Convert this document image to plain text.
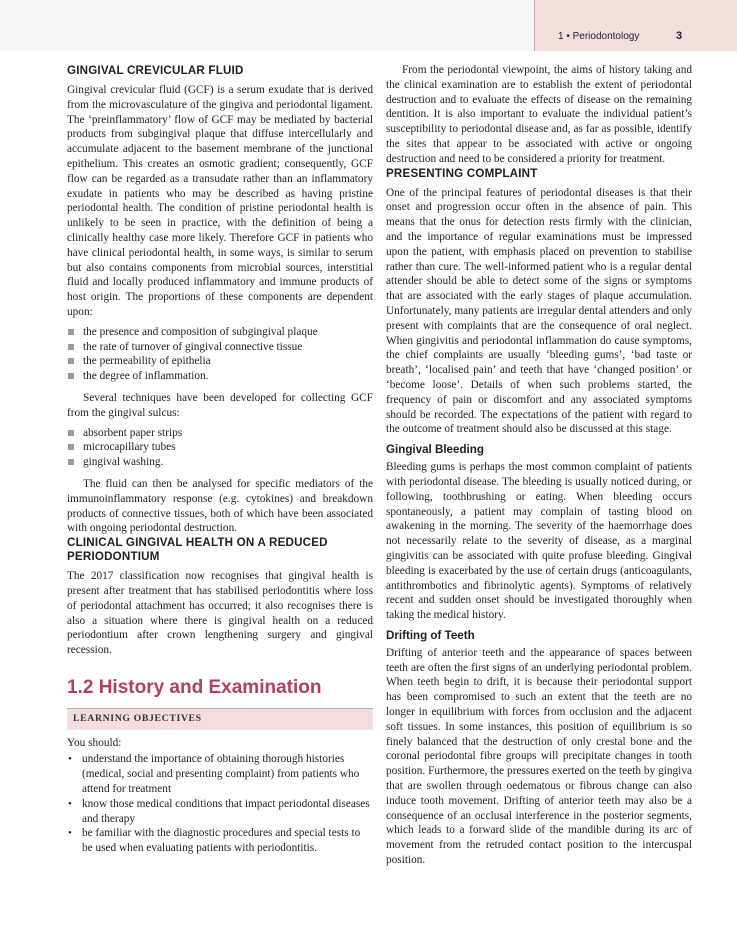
1 • Periodontology	3
GINGIVAL CREVICULAR FLUID

Gingival crevicular fluid (GCF) is a serum exudate that is derived from the microvasculature of the gingiva and periodontal ligament. The ‘preinflammatory’ flow of GCF may be mediated by bacterial products from subgingival plaque that diffuse intercellularly and accumulate adjacent to the basement membrane of the junctional epithelium. This creates an osmotic gradient; consequently, GCF flow can be regarded as a transudate rather than an inflammatory exudate in patients who may be described as having pristine periodontal health. The condition of pristine periodontal health is unlikely to be seen in practice, with the definition of being a clinically healthy case more likely. Therefore GCF in patients who have clinical periodontal health, in some ways, is similar to serum but also contains components from microbial sources, interstitial fluid and locally produced inflammatory and immune products of host origin. The proportions of these components are dependent upon:

the presence and composition of subgingival plaque
the rate of turnover of gingival connective tissue
the permeability of epithelia
the degree of inflammation.

Several techniques have been developed for collecting GCF from the gingival sulcus:

absorbent paper strips
microcapillary tubes
gingival washing.

The fluid can then be analysed for specific mediators of the immunoinflammatory response (e.g. cytokines) and breakdown products of connective tissues, both of which have been associated with ongoing periodontal destruction.

CLINICAL GINGIVAL HEALTH ON A REDUCED PERIODONTIUM

The 2017 classification now recognises that gingival health is present after treatment that has stabilised periodontitis where loss of periodontal attachment has occurred; it also recognises there is also a situation where there is gingival health on a reduced periodontium after crown lengthening surgery and gingival recession.

1.2 History and Examination
LEARNING OBJECTIVES

You should:

• understand the importance of obtaining thorough histories (medical, social and presenting complaint) from patients who attend for treatment
• know those medical conditions that impact periodontal diseases and therapy
• be familiar with the diagnostic procedures and special tests to be used when evaluating patients with periodontitis.

From the periodontal viewpoint, the aims of history taking and the clinical examination are to establish the extent of periodontal destruction and to evaluate the effects of disease on the remaining dentition. It is also important to evaluate the individual patient’s susceptibility to periodontal disease and, as far as possible, identify the sites that appear to be associated with active or ongoing destruction and need to be considered a priority for treatment.

PRESENTING COMPLAINT

One of the principal features of periodontal diseases is that their onset and progression occur often in the absence of pain. This means that the onus for detection rests firmly with the clinician, and the importance of regular examinations must be impressed upon the patient, with emphasis placed on prevention to stabilise rather than cure. The well-informed patient who is a regular dental attender should be able to detect some of the signs or symptoms that are associated with the early stages of plaque accumulation. Unfortunately, many patients are irregular dental attenders and only present with complaints that are the consequence of oral neglect. When gingivitis and periodontal inflammation do cause symptoms, the chief complaints are usually ‘bleeding gums’, ‘bad taste or breath’, ‘localised pain’ and teeth that have ‘changed position’ or ‘become loose’. Details of when such problems started, the frequency of pain or discomfort and any associated symptoms should be recorded. The expectations of the patient with regard to the outcome of treatment should also be discussed at this stage.

Gingival Bleeding

Bleeding gums is perhaps the most common complaint of patients with periodontal disease. The bleeding is usually noticed during, or following, toothbrushing or eating. When bleeding occurs spontaneously, a patient may complain of tasting blood on awakening in the morning. The severity of the haemorrhage does not necessarily relate to the severity of disease, as a marginal gingivitis can be associated with quite profuse bleeding. Gingival bleeding is exacerbated by the use of certain drugs (anticoagulants, antithrombotics and fibrinolytic agents). Symptoms of relatively recent and sudden onset should be investigated thoroughly when taking the medical history.

Drifting of Teeth

Drifting of anterior teeth and the appearance of spaces between teeth are often the first signs of an underlying periodontal problem. When teeth begin to drift, it is because their periodontal support has been compromised to such an extent that the teeth are no longer in equilibrium with forces from occlusion and the adjacent soft tissues. In some instances, this position of equilibrium is so finely balanced that the destruction of only crestal bone and the coronal periodontal fibre groups will precipitate changes in tooth position. Furthermore, the pressures exerted on the teeth by gingiva that are swollen through oedematous or fibrous change can also induce tooth movement. Drifting of anterior teeth may also be a consequence of an occlusal interference in the posterior segments, which leads to a forward slide of the mandible during its arc of movement from the retruded contact position to the intercuspal position.
